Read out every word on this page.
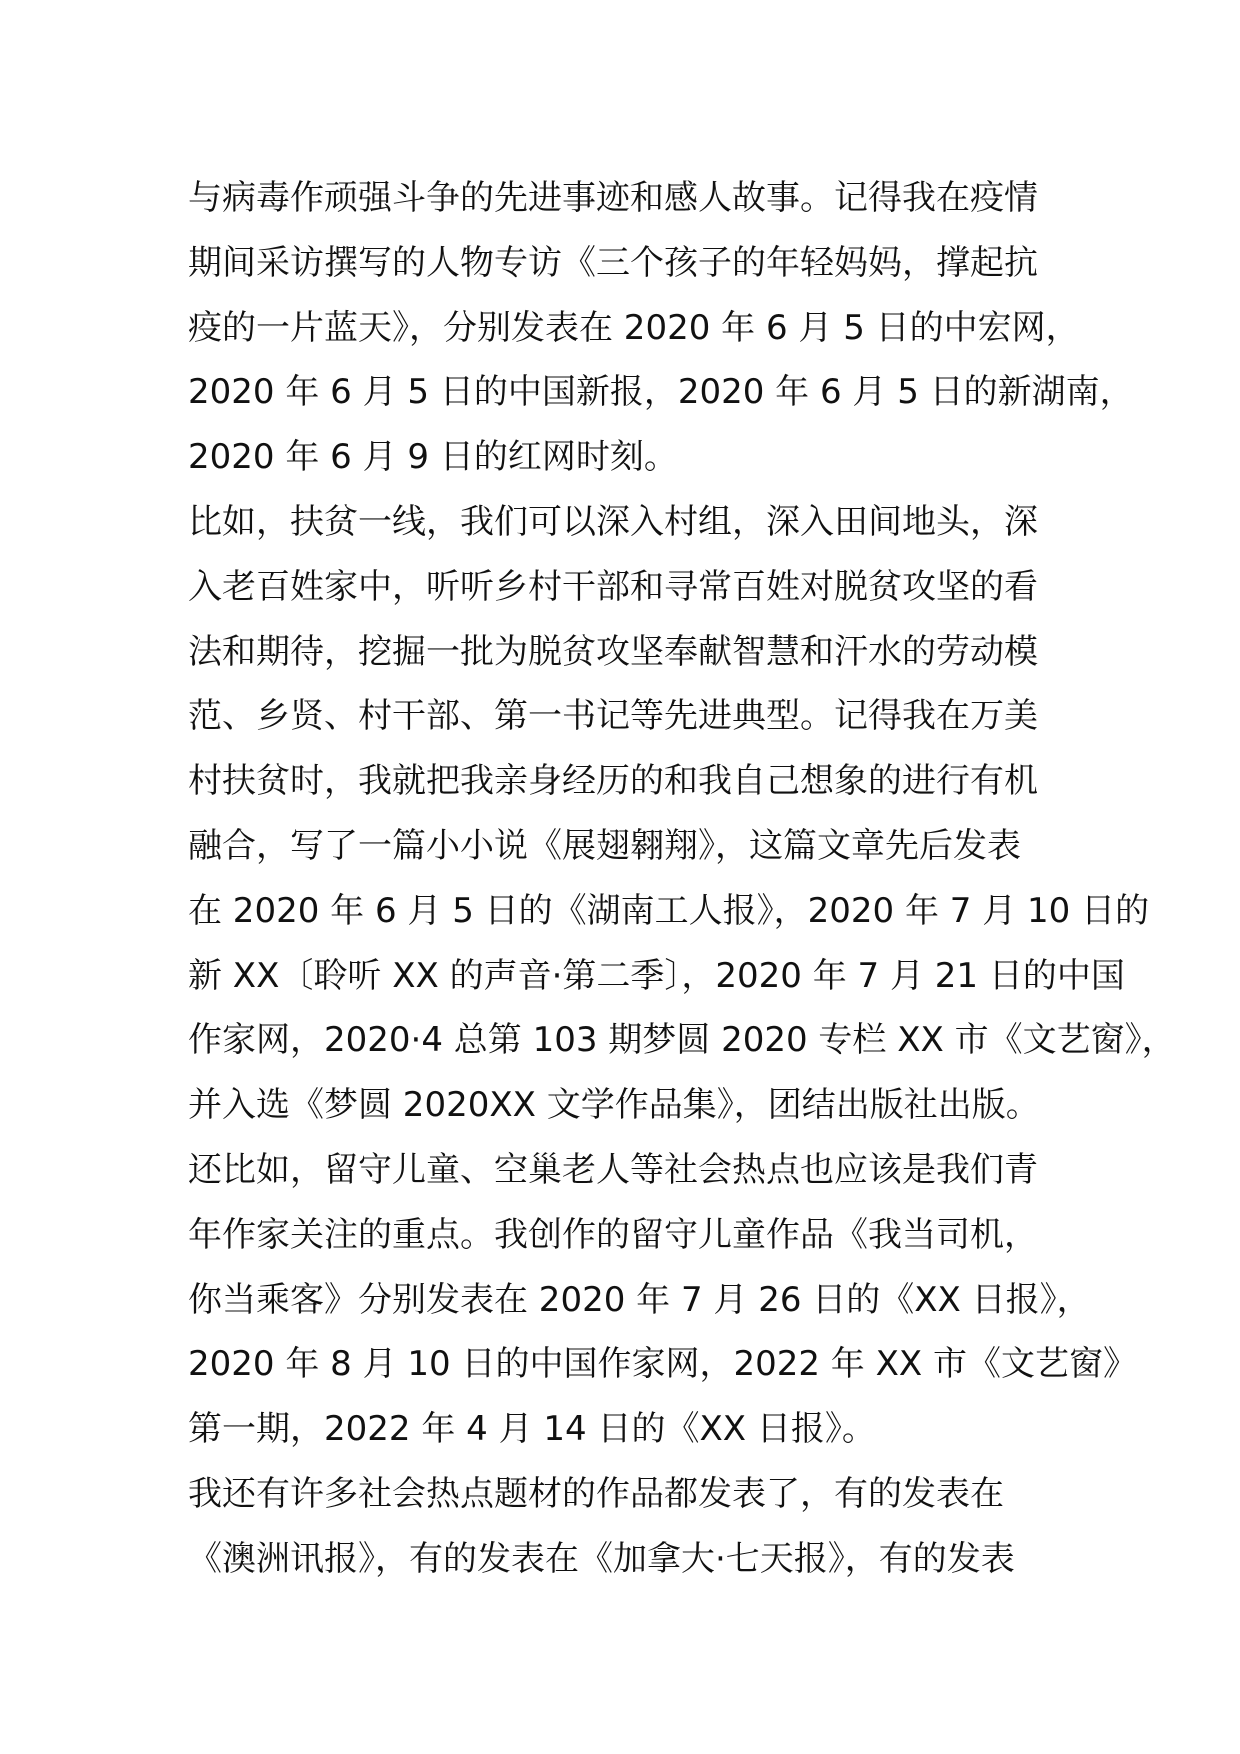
与病毒作顽强斗争的先进事迹和感人故事。记得我在疫情
期间采访撰写的人物专访《三个孩子的年轻妈妈，撑起抗
疫的一片蓝天》，分别发表在 2020 年 6 月 5 日的中宏网，
2020 年 6 月 5 日的中国新报，2020 年 6 月 5 日的新湖南，
2020 年 6 月 9 日的红网时刻。
比如，扶贫一线，我们可以深入村组，深入田间地头，深
入老百姓家中，听听乡村干部和寻常百姓对脱贫攻坚的看
法和期待，挖掘一批为脱贫攻坚奉献智慧和汗水的劳动模
范、乡贤、村干部、第一书记等先进典型。记得我在万美
村扶贫时，我就把我亲身经历的和我自己想象的进行有机
融合，写了一篇小小说《展翅翱翔》，这篇文章先后发表
在 2020 年 6 月 5 日的《湖南工人报》，2020 年 7 月 10 日的
新 XX〔聆听 XX 的声音·第二季〕，2020 年 7 月 21 日的中国
作家网，2020·4 总第 103 期梦圆 2020 专栏 XX 市《文艺窗》，
并入选《梦圆 2020XX 文学作品集》，团结出版社出版。
还比如，留守儿童、空巢老人等社会热点也应该是我们青
年作家关注的重点。我创作的留守儿童作品《我当司机，
你当乘客》分别发表在 2020 年 7 月 26 日的《XX 日报》，
2020 年 8 月 10 日的中国作家网，2022 年 XX 市《文艺窗》
第一期，2022 年 4 月 14 日的《XX 日报》。
我还有许多社会热点题材的作品都发表了，有的发表在
《澳洲讯报》，有的发表在《加拿大·七天报》，有的发表
